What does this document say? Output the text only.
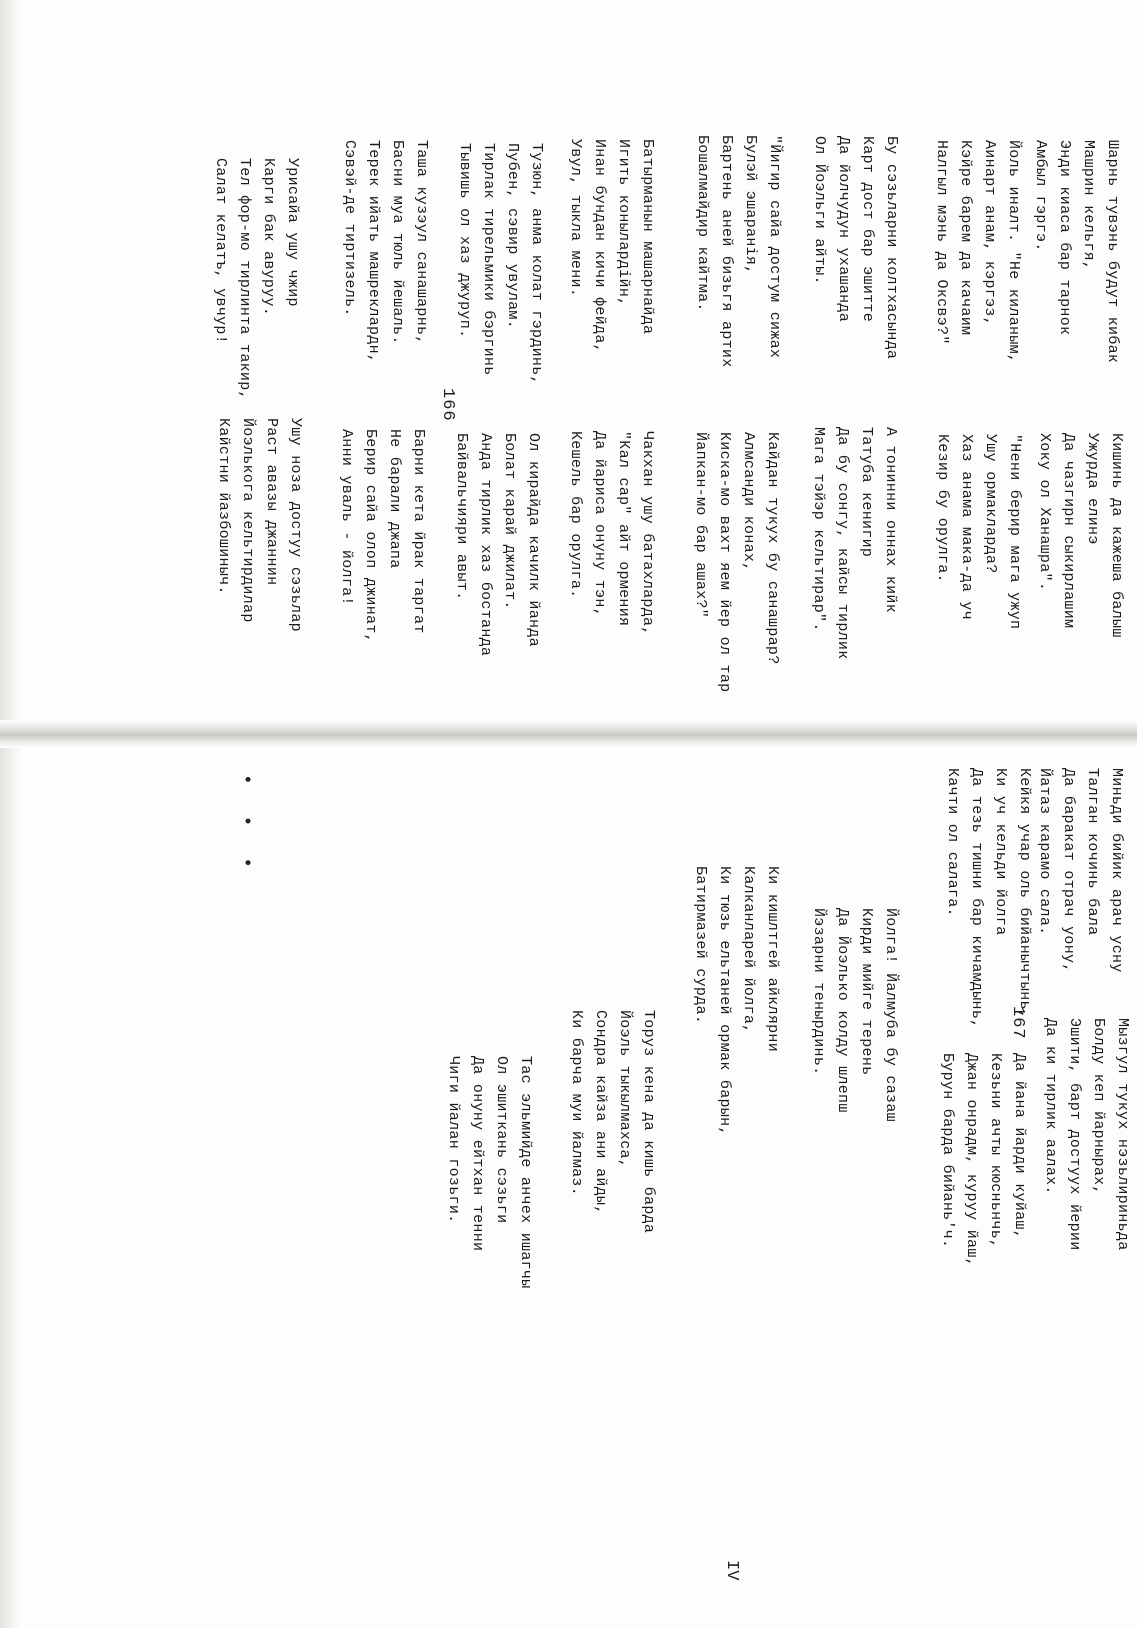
166
Шарнь тувэнь будут кибак
Машрин кельгя,
Энди киаса бар тарнок
Амбыл гэргэ.
Йоль иналт. "Не киланым,
Аинарт анам, кэргэз,
Кэйре барем да качаим
Налгыл мэнь да Оксвэ?"
Бу сэзьларни колтхасында
Карт дост бар эшитте
Да йолчудун ухашанда
Ол Йоэльги айты.
"Йигир сайа достум сижах
Булэй эшаранія,
Бартень аней бизьгя артих
Бошалмайдир кайтма.
Батырманын машарнайда
Игить конылардійн,
Инан бундан кичи фейда,
Увул, тыкла мени.
Тузюн, анма колат гэрдинь,
Пубен, сэвир увулам.
Тирлак тирельмики бэргинь
Тывишь ол хаз джуруп.
Таша кузэул санашарнь,
Басни муа тюль йешаль.
Терек ийать машреклардн,
Сэвэй-де тиртизель.
Урисайа ушу чжир
Карги бак авуруу.
Тел фор-мо тирлинта такир,
Салат келатъ, увчур!
Кишинь да кажеша балыш
Ужурда елинэ
Да чазгирн сыкирлашим
Хоку ол Ханашра".
"Нени берир мага ужуп
Ушу ормакларда?
Хаз анама мака-да уч
Кезир бу орулга.
А тонинни оннах кийк
Татуба кенигир
Да бу сонгу, кайсы тирлик
Мага тэйэр кельтирар".
Кайдан тукух бу санашрар?
Алмсанди конах,
Киска-мо вахт яем йер ол тар
Йапкан-мо бар ашах?"
Чакхан ушу батахларда,
"Кал сар" айт ормения
Да йариса онуну тэн,
Кешель бар орулга.
Ол кирайда качилк йанда
Болат карай джилат.
Анда тирлик хаз бостанда
Байвальчияри авыт.
Барни кета йрак таргат
Не барали джапа
Берир сайа олоп джинат,
Анни уваль - йолга!
Ушу ноза достуу сэзьлар
Раст авазы джаннин
Йоэлькога кельтирдилар
Кайстни йазбошиныч.
167
IV
• • •
Мызгул тукух нэзьлириньда
Болду кеп йарнырах,
Эшити, барт достуух йерии
Да ки тирлик аалах.
Да йана йарди куйаш,
Кезьни ачты кюсньнчь,
Джан онрадм, куруу йаш,
Бурун барда бийань'ч.
Йолга! Йалмуба бу сазаш
Кирди мийге терень
Да Йоэлько колду шлепш
Йэзарни тенырдинь.
Ки кишлтгей айклярни
Калканларей йолга,
Ки тюзь ельтаней ормак барын,
Батирмазей сурда.
Торуз кена да кишь барда
Йоэль тыкылмахса,
Сондра кайза ани айды,
Ки барча муи йалмаз.
Тас эльмийде анчех ишагчы
Ол эшиткань сэзьги
Да онуну ейтхан тенни
Чиги йалан гозьги.
Миньди бийик арач усну
Талган кочинь бала
Да баракат отрач уону,
Йатаз карамо сала.
Кейкя учар оль бийанычтынь,
Ки уч кельди йолга
Да тезь тишни бар кичамдынь,
Качти ол салага.
